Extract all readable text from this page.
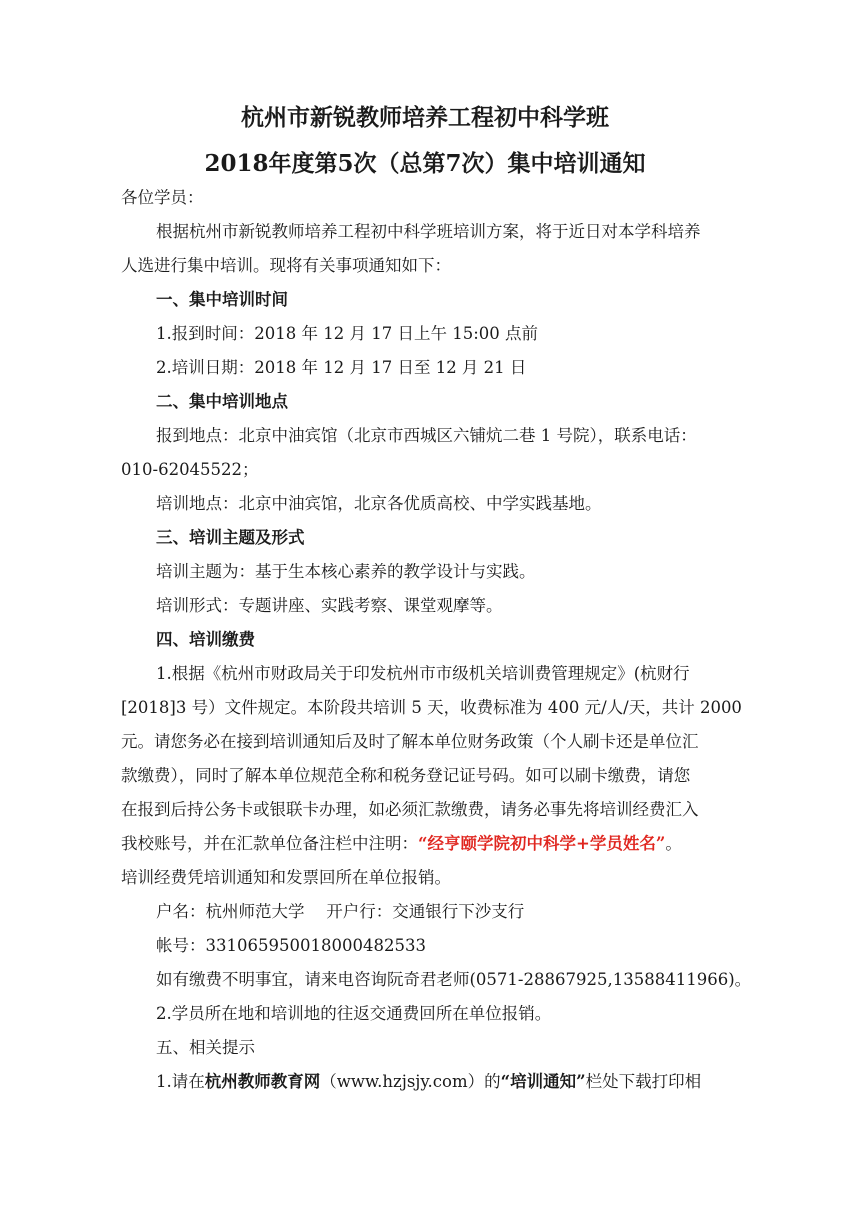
杭州市新锐教师培养工程初中科学班
2018年度第5次（总第7次）集中培训通知
各位学员：
根据杭州市新锐教师培养工程初中科学班培训方案，将于近日对本学科培养
人选进行集中培训。现将有关事项通知如下：
一、集中培训时间
1.报到时间：2018 年 12 月 17 日上午 15:00 点前
2.培训日期：2018 年 12 月 17 日至 12 月 21 日
二、集中培训地点
报到地点：北京中油宾馆（北京市西城区六铺炕二巷 1 号院），联系电话：
010-62045522；
培训地点：北京中油宾馆，北京各优质高校、中学实践基地。
三、培训主题及形式
培训主题为：基于生本核心素养的教学设计与实践。
培训形式：专题讲座、实践考察、课堂观摩等。
四、培训缴费
1.根据《杭州市财政局关于印发杭州市市级机关培训费管理规定》(杭财行
[2018]3 号）文件规定。本阶段共培训 5 天，收费标准为 400 元/人/天，共计 2000
元。请您务必在接到培训通知后及时了解本单位财务政策（个人刷卡还是单位汇
款缴费），同时了解本单位规范全称和税务登记证号码。如可以刷卡缴费，请您
在报到后持公务卡或银联卡办理，如必须汇款缴费，请务必事先将培训经费汇入
我校账号，并在汇款单位备注栏中注明：“经亨颐学院初中科学+学员姓名”。
培训经费凭培训通知和发票回所在单位报销。
户名：杭州师范大学　 开户行：交通银行下沙支行
帐号：331065950018000482533
如有缴费不明事宜，请来电咨询阮奇君老师(0571-28867925,13588411966)。
2.学员所在地和培训地的往返交通费回所在单位报销。
五、相关提示
1.请在杭州教师教育网（www.hzjsjy.com）的“培训通知”栏处下载打印相
